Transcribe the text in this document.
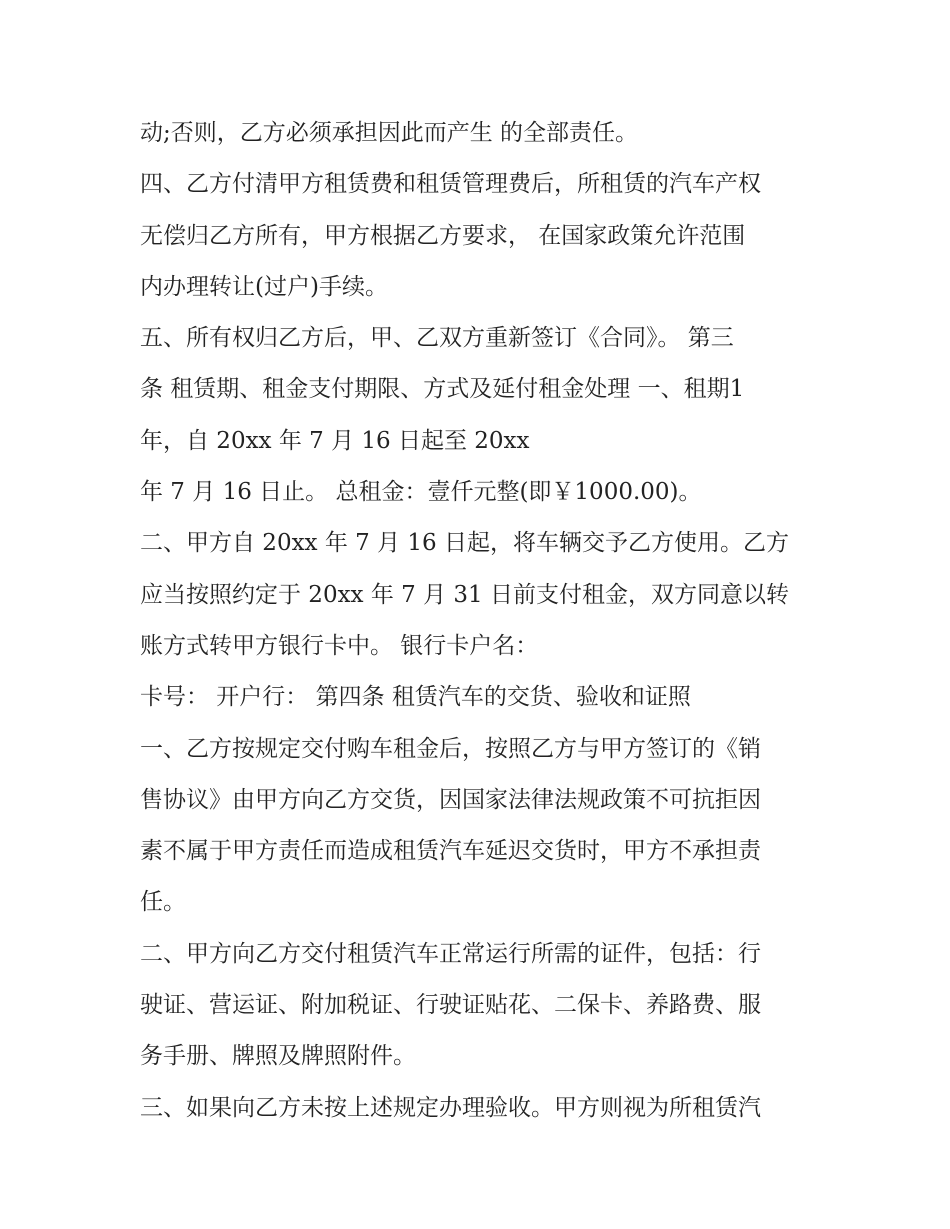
动;否则，乙方必须承担因此而产生 的全部责任。
四、乙方付清甲方租赁费和租赁管理费后，所租赁的汽车产权
无偿归乙方所有，甲方根据乙方要求， 在国家政策允许范围
内办理转让(过户)手续。
五、所有权归乙方后，甲、乙双方重新签订《合同》。 第三
条 租赁期、租金支付期限、方式及延付租金处理 一、租期1
年，自 20xx 年 7 月 16 日起至 20xx
年 7 月 16 日止。 总租金：壹仟元整(即￥1000.00)。
二、甲方自 20xx 年 7 月 16 日起，将车辆交予乙方使用。乙方
应当按照约定于 20xx 年 7 月 31 日前支付租金，双方同意以转
账方式转甲方银行卡中。 银行卡户名：
卡号： 开户行： 第四条 租赁汽车的交货、验收和证照
一、乙方按规定交付购车租金后，按照乙方与甲方签订的《销
售协议》由甲方向乙方交货，因国家法律法规政策不可抗拒因
素不属于甲方责任而造成租赁汽车延迟交货时，甲方不承担责
任。
二、甲方向乙方交付租赁汽车正常运行所需的证件，包括：行
驶证、营运证、附加税证、行驶证贴花、二保卡、养路费、服
务手册、牌照及牌照附件。
三、如果向乙方未按上述规定办理验收。甲方则视为所租赁汽
